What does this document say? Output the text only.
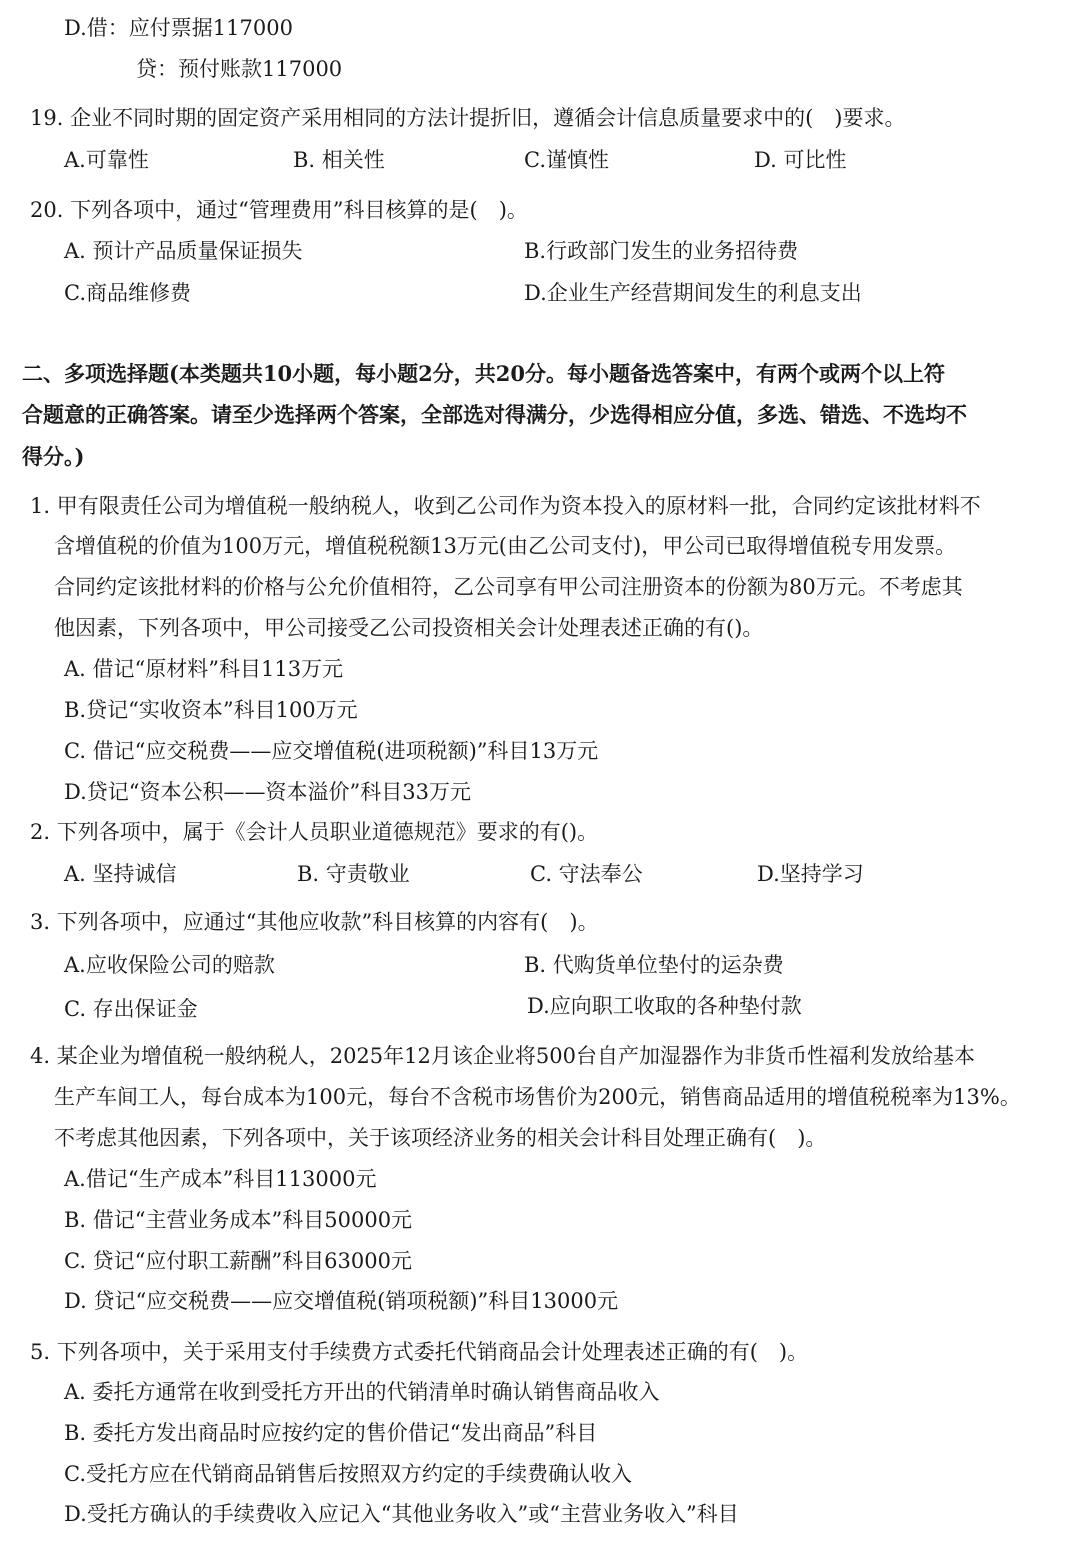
D.借：应付票据117000
贷：预付账款117000
19. 企业不同时期的固定资产采用相同的方法计提折旧，遵循会计信息质量要求中的(　)要求。
A.可靠性	B. 相关性	C.谨慎性	D. 可比性
20. 下列各项中，通过“管理费用”科目核算的是(　)。
A. 预计产品质量保证损失	B.行政部门发生的业务招待费
C.商品维修费	D.企业生产经营期间发生的利息支出
二、多项选择题(本类题共10小题，每小题2分，共20分。每小题备选答案中，有两个或两个以上符
合题意的正确答案。请至少选择两个答案，全部选对得满分，少选得相应分值，多选、错选、不选均不
得分。)
1. 甲有限责任公司为增值税一般纳税人，收到乙公司作为资本投入的原材料一批，合同约定该批材料不
含增值税的价值为100万元，增值税税额13万元(由乙公司支付)，甲公司已取得增值税专用发票。
合同约定该批材料的价格与公允价值相符，乙公司享有甲公司注册资本的份额为80万元。不考虑其
他因素，下列各项中，甲公司接受乙公司投资相关会计处理表述正确的有()。
A. 借记“原材料”科目113万元
B.贷记“实收资本”科目100万元
C. 借记“应交税费——应交增值税(进项税额)”科目13万元
D.贷记“资本公积——资本溢价”科目33万元
2. 下列各项中，属于《会计人员职业道德规范》要求的有()。
A. 坚持诚信	B. 守责敬业	C. 守法奉公	D.坚持学习
3. 下列各项中，应通过“其他应收款”科目核算的内容有(　)。
A.应收保险公司的赔款	B. 代购货单位垫付的运杂费
C. 存出保证金	D.应向职工收取的各种垫付款
4. 某企业为增值税一般纳税人，2025年12月该企业将500台自产加湿器作为非货币性福利发放给基本
生产车间工人，每台成本为100元，每台不含税市场售价为200元，销售商品适用的增值税税率为13%。
不考虑其他因素，下列各项中，关于该项经济业务的相关会计科目处理正确有(　)。
A.借记“生产成本”科目113000元
B. 借记“主营业务成本”科目50000元
C. 贷记“应付职工薪酬”科目63000元
D. 贷记“应交税费——应交增值税(销项税额)”科目13000元
5. 下列各项中，关于采用支付手续费方式委托代销商品会计处理表述正确的有(　)。
A. 委托方通常在收到受托方开出的代销清单时确认销售商品收入
B. 委托方发出商品时应按约定的售价借记“发出商品”科目
C.受托方应在代销商品销售后按照双方约定的手续费确认收入
D.受托方确认的手续费收入应记入“其他业务收入”或“主营业务收入”科目
